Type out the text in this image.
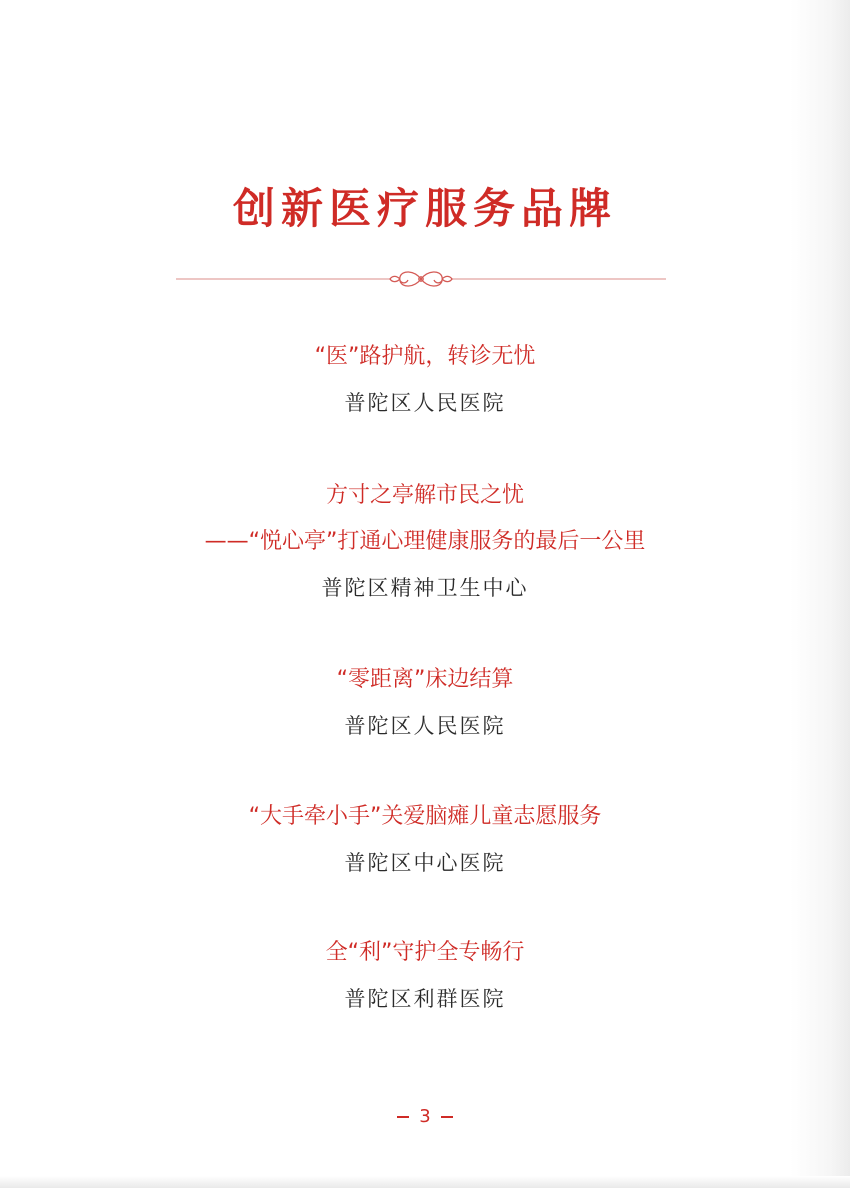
创新医疗服务品牌
“医”路护航，转诊无忧
普陀区人民医院
方寸之亭解市民之忧
——“悦心亭”打通心理健康服务的最后一公里
普陀区精神卫生中心
“零距离”床边结算
普陀区人民医院
“大手牵小手”关爱脑瘫儿童志愿服务
普陀区中心医院
全“利”守护全专畅行
普陀区利群医院
3
